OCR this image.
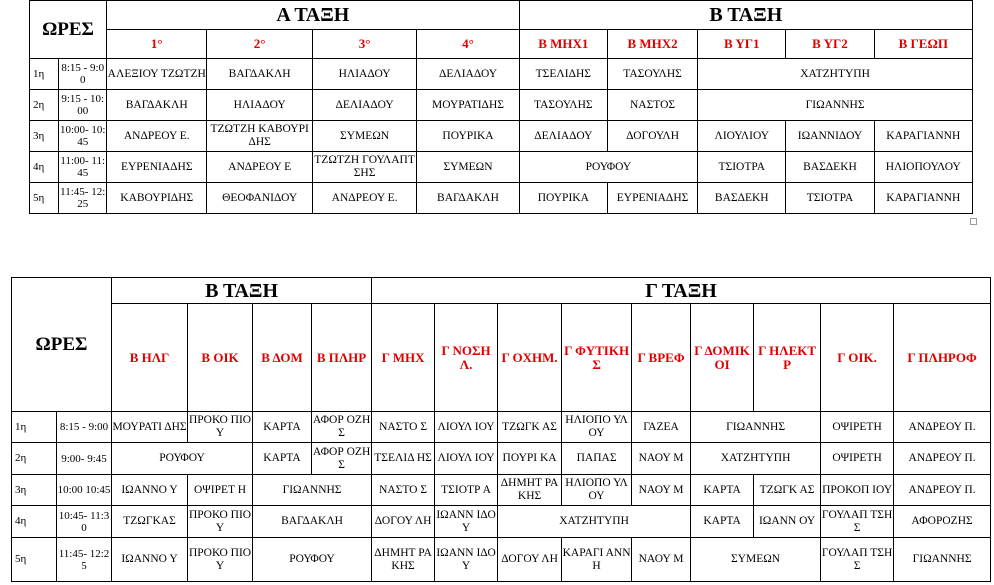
ΩΡΕΣ		Α ΤΑΞΗ				Β ΤΑΞΗ				
		1°	2°	3°	4°	Β ΜΗΧ1	Β ΜΗΧ2	Β ΥΓ1	Β ΥΓ2	Β ΓΕΩΠ
1η	8:15 - 9:00	ΑΛΕΞΙΟΥ ΤΖΩΤΖΗ	ΒΑΓΔΑΚΛΗ	ΗΛΙΑΔΟΥ	ΔΕΛΙΑΔΟΥ	ΤΣΕΛΙΔΗΣ	ΤΑΣΟΥΛΗΣ	ΧΑΤΖΗΤΥΠΗ		
2η	9:15 - 10:00	ΒΑΓΔΑΚΛΗ	ΗΛΙΑΔΟΥ	ΔΕΛΙΑΔΟΥ	ΜΟΥΡΑΤΙΔΗΣ	ΤΑΣΟΥΛΗΣ	ΝΑΣΤΟΣ	ΓΙΩΑΝΝΗΣ		
3η	10:00- 10:45	ΑΝΔΡΕΟΥ Ε.	ΤΖΩΤΖΗ ΚΑΒΟΥΡΙΔΗΣ	ΣΥΜΕΩΝ	ΠΟΥΡΙΚΑ	ΔΕΛΙΑΔΟΥ	ΔΟΓΟΥΛΗ	ΛΙΟΥΛΙΟΥ	ΙΩΑΝΝΙΔΟΥ	ΚΑΡΑΓΙΑΝΝΗ
4η	11:00- 11:45	ΕΥΡΕΝΙΑΔΗΣ	ΑΝΔΡΕΟΥ Ε	ΤΖΩΤΖΗ ΓΟΥΛΑΠΤΣΗΣ	ΣΥΜΕΩΝ	ΡΟΥΦΟΥ		ΤΣΙΟΤΡΑ	ΒΑΣΔΕΚΗ	ΗΛΙΟΠΟΥΛΟΥ
5η	11:45- 12:25	ΚΑΒΟΥΡΙΔΗΣ	ΘΕΟΦΑΝΙΔΟΥ	ΑΝΔΡΕΟΥ Ε.	ΒΑΓΔΑΚΛΗ	ΠΟΥΡΙΚΑ	ΕΥΡΕΝΙΑΔΗΣ	ΒΑΣΔΕΚΗ	ΤΣΙΟΤΡΑ	ΚΑΡΑΓΙΑΝΝΗ
ΩΡΕΣ		Β ΤΑΞΗ				Γ ΤΑΞΗ								
		Β ΗΛΓ	Β ΟΙΚ	Β ΔΟΜ	Β ΠΛΗΡ	Γ ΜΗΧ	Γ ΝΟΣΗ Λ.	Γ ΟΧΗΜ.	Γ ΦΥΤΙΚΗ Σ	Γ ΒΡΕΦ	Γ ΔΟΜΙΚ ΟΙ	Γ ΗΛΕΚΤ Ρ	Γ ΟΙΚ.	Γ ΠΛΗΡΟΦ
1η	8:15 - 9:00	ΜΟΥΡΑΤΙ ΔΗΣ	ΠΡΟΚΟ ΠΙΟΥ	ΚΑΡΤΑ	ΑΦΟΡ ΟΖΗΣ	ΝΑΣΤΟ Σ	ΛΙΟΥΛ ΙΟΥ	ΤΖΩΓΚ ΑΣ	ΗΛΙΟΠΟ ΥΛΟΥ	ΓΑΖΕΑ	ΓΙΩΑΝΝΗΣ		ΟΨΙΡΕΤΗ	ΑΝΔΡΕΟΥ Π.
2η	9:00- 9:45	ΡΟΥΦΟΥ		ΚΑΡΤΑ	ΑΦΟΡ ΟΖΗΣ	ΤΣΕΛΙΔ ΗΣ	ΛΙΟΥΛ ΙΟΥ	ΠΟΥΡΙ ΚΑ	ΠΑΠΑΣ	ΝΑΟΥ Μ	ΧΑΤΖΗΤΥΠΗ		ΟΨΙΡΕΤΗ	ΑΝΔΡΕΟΥ Π.
3η	10:00 10:45	ΙΩΑΝΝΟ Υ	ΟΨΙΡΕΤ Η	ΓΙΩΑΝΝΗΣ		ΝΑΣΤΟ Σ	ΤΣΙΟΤΡ Α	ΔΗΜΗΤ ΡΑΚΗΣ	ΗΛΙΟΠΟ ΥΛΟΥ	ΝΑΟΥ Μ	ΚΑΡΤΑ	ΤΖΩΓΚ ΑΣ	ΠΡΟΚΟΠ ΙΟΥ	ΑΝΔΡΕΟΥ Π.
4η	10:45- 11:30	ΤΖΩΓΚΑΣ	ΠΡΟΚΟ ΠΙΟΥ	ΒΑΓΔΑΚΛΗ		ΔΟΓΟΥ ΛΗ	ΙΩΑΝΝ ΙΔΟΥ	ΧΑΤΖΗΤΥΠΗ			ΚΑΡΤΑ	ΙΩΑΝΝ ΟΥ	ΓΟΥΛΑΠ ΤΣΗΣ	ΑΦΟΡΟΖΗΣ
5η	11:45- 12:25	ΙΩΑΝΝΟ Υ	ΠΡΟΚΟ ΠΙΟΥ	ΡΟΥΦΟΥ		ΔΗΜΗΤ ΡΑΚΗΣ	ΙΩΑΝΝ ΙΔΟΥ	ΔΟΓΟΥ ΛΗ	ΚΑΡΑΓΙ ΑΝΝΗ	ΝΑΟΥ Μ	ΣΥΜΕΩΝ		ΓΟΥΛΑΠ ΤΣΗΣ	ΓΙΩΑΝΝΗΣ
